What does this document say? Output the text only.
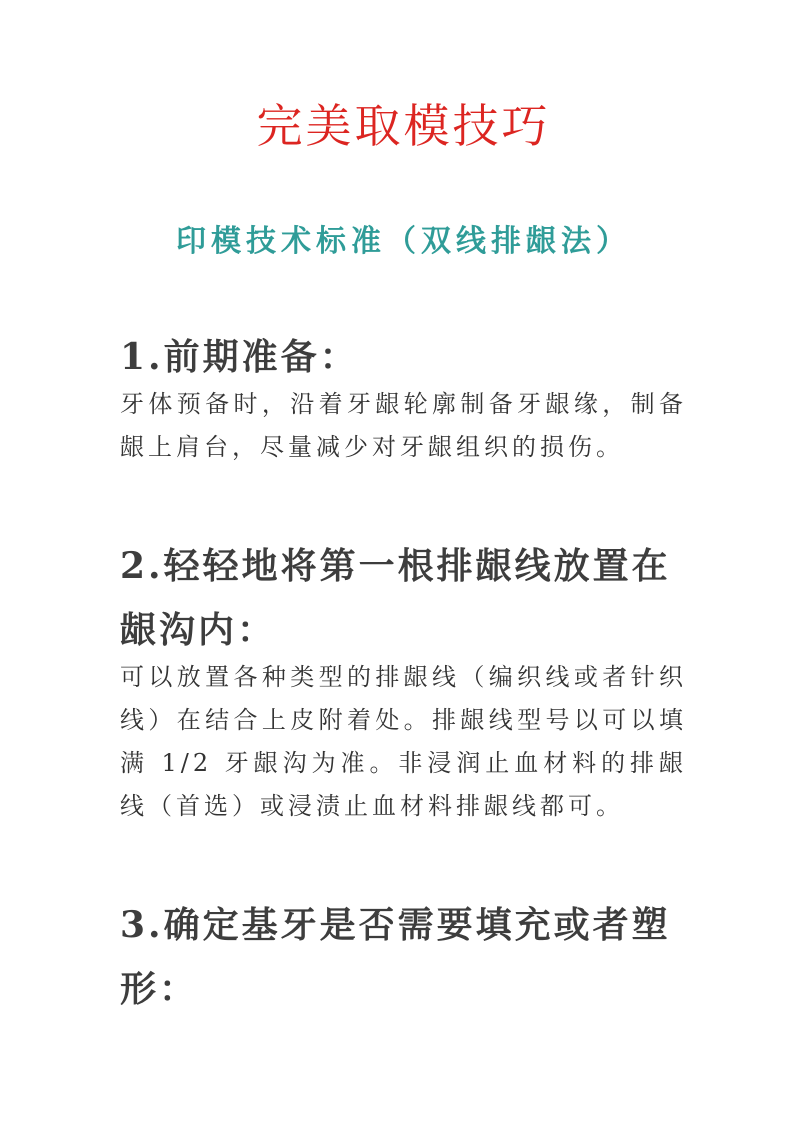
完美取模技巧
印模技术标准（双线排龈法）
1.前期准备：

牙体预备时，沿着牙龈轮廓制备牙龈缘，制备龈上肩台，尽量减少对牙龈组织的损伤。

2.轻轻地将第一根排龈线放置在龈沟内：

可以放置各种类型的排龈线（编织线或者针织线）在结合上皮附着处。排龈线型号以可以填满 1/2 牙龈沟为准。非浸润止血材料的排龈线（首选）或浸渍止血材料排龈线都可。

3.确定基牙是否需要填充或者塑形：
